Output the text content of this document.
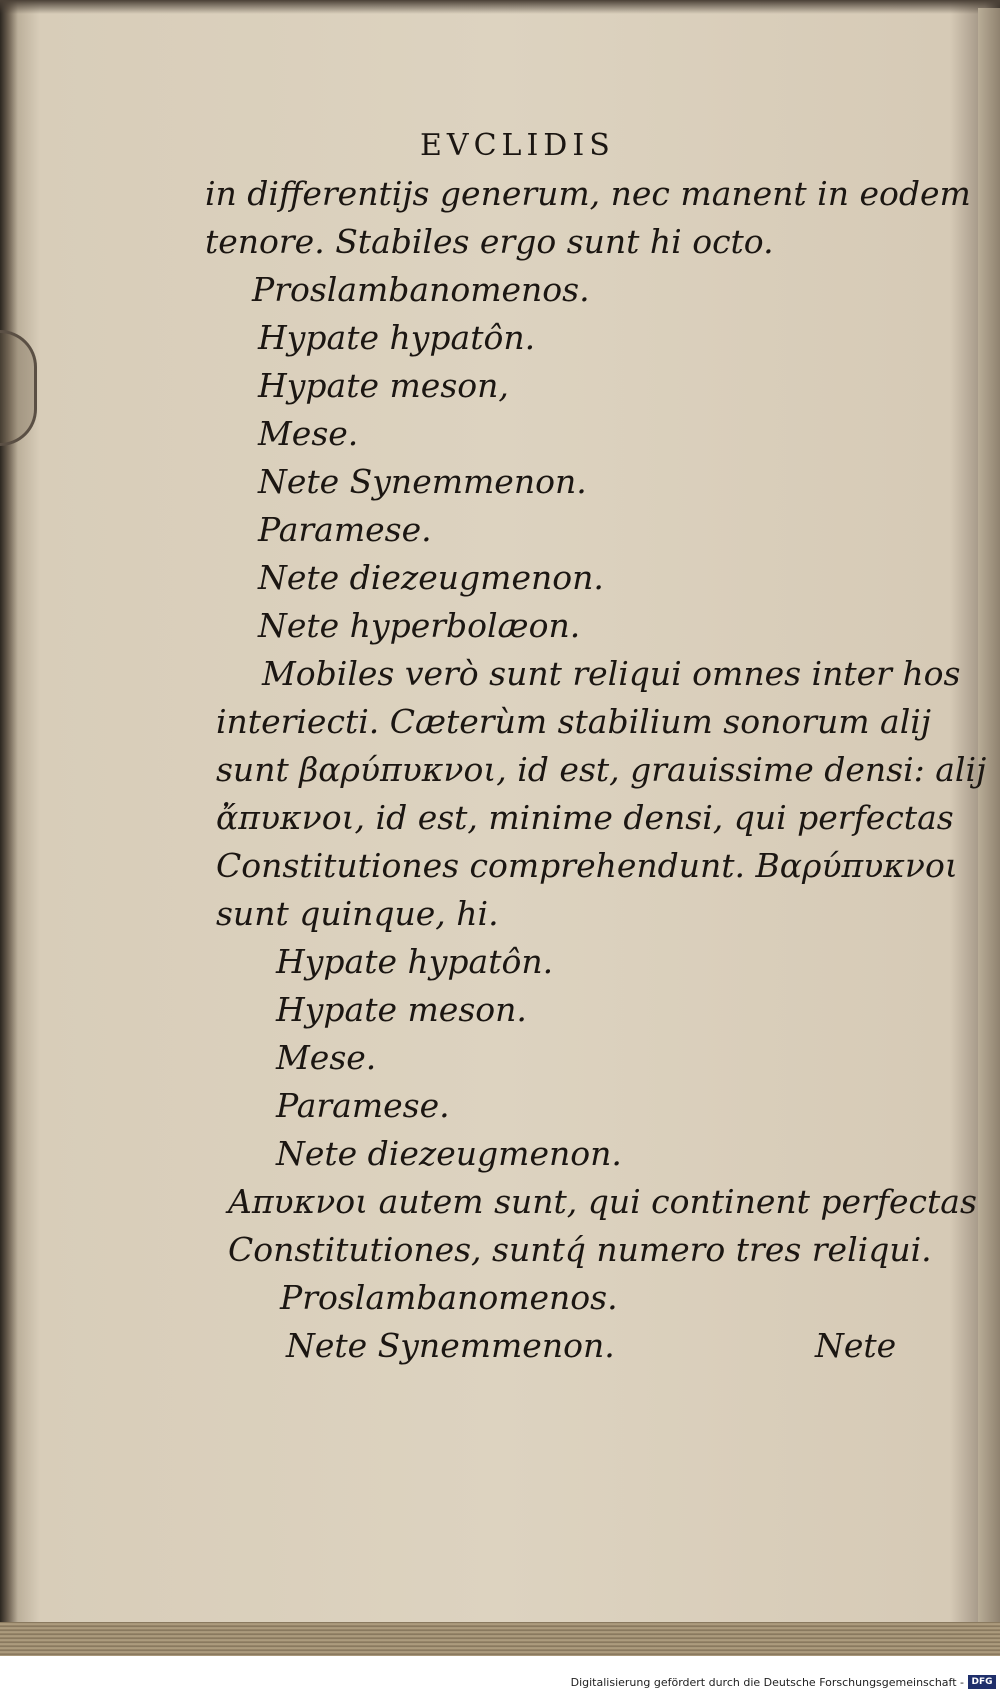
EVCLIDIS
in differentijs generum, nec manent in eodem
tenore. Stabiles ergo sunt hi octo.
Proslambanomenos.
Hypate hypatôn.
Hypate meson,
Mese.
Nete Synemmenon.
Paramese.
Nete diezeugmenon.
Nete hyperbolæon.
Mobiles verò sunt reliqui omnes inter hos
interiecti. Cæterùm stabilium sonorum alij
sunt βαρύπυκνοι, id est, grauissime densi: alij
ἄπυκνοι, id est, minime densi, qui perfectas
Constitutiones comprehendunt. Βαρύπυκνοι
sunt quinque, hi.
Hypate hypatôn.
Hypate meson.
Mese.
Paramese.
Nete diezeugmenon.
Aπυκνοι autem sunt, qui continent perfectas
Constitutiones, suntq́ numero tres reliqui.
Proslambanomenos.
Nete Synemmenon.	Nete
Digitalisierung gefördert durch die Deutsche Forschungsgemeinschaft - DFG
